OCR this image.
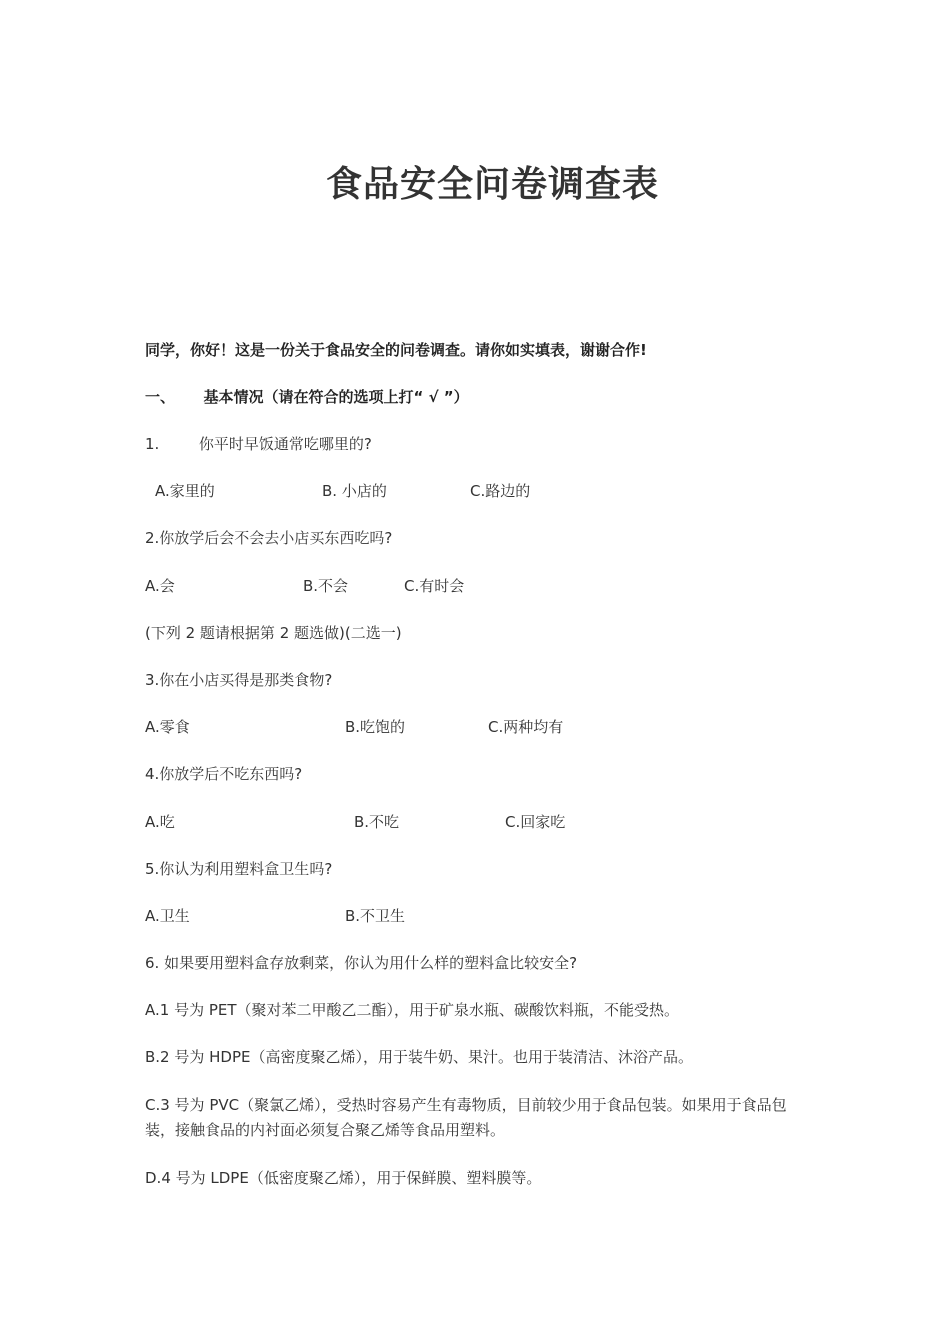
食品安全问卷调查表
同学，你好！这是一份关于食品安全的问卷调查。请你如实填表，谢谢合作!
一、 基本情况（请在符合的选项上打“ √ ”）
1.	你平时早饭通常吃哪里的?
A.家里的	B. 小店的	C.路边的
2.你放学后会不会去小店买东西吃吗?
A.会	B.不会	C.有时会
(下列 2 题请根据第 2 题选做)(二选一)
3.你在小店买得是那类食物?
A.零食	B.吃饱的	C.两种均有
4.你放学后不吃东西吗?
A.吃	B.不吃	C.回家吃
5.你认为利用塑料盒卫生吗?
A.卫生	B.不卫生
6. 如果要用塑料盒存放剩菜，你认为用什么样的塑料盒比较安全?
A.1 号为 PET（聚对苯二甲酸乙二酯），用于矿泉水瓶、碳酸饮料瓶，不能受热。
B.2 号为 HDPE（高密度聚乙烯），用于装牛奶、果汁。也用于装清洁、沐浴产品。
C.3 号为 PVC（聚氯乙烯），受热时容易产生有毒物质，目前较少用于食品包装。如果用于食品包装，接触食品的内衬面必须复合聚乙烯等食品用塑料。
D.4 号为 LDPE（低密度聚乙烯），用于保鲜膜、塑料膜等。
